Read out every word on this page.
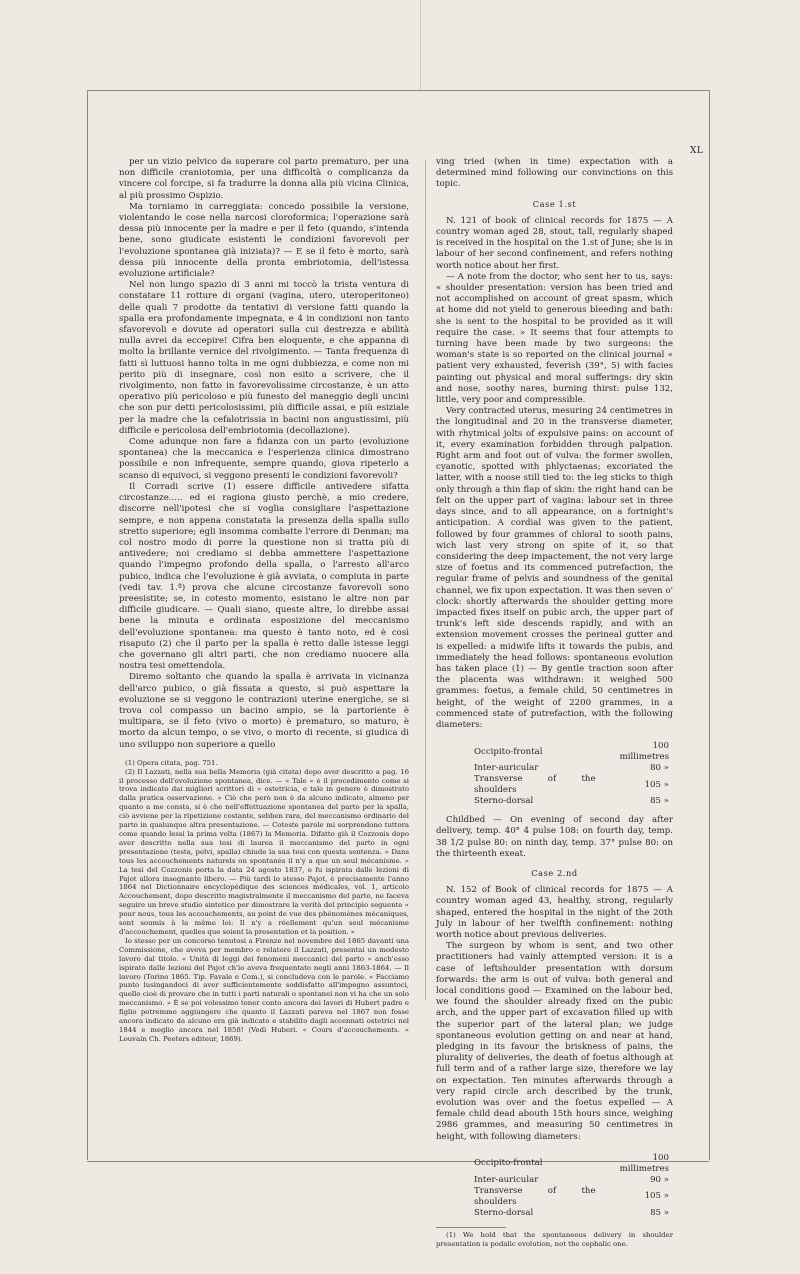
XL

per un vizio pelvico da superare col parto prematuro, per una non difficile craniotomia, per una difficoltà o complicanza da vincere col forcipe, si fa tradurre la donna alla più vicina Clinica, al più prossimo Ospizio.

Ma torniamo in carreggiata: concedo possibile la versione, violentando le cose nella narcosi cloroformica; l'operazione sarà dessa più innocente per la madre e per il feto (quando, s'intenda bene, sono giudicate esistenti le condizioni favorevoli per l'evoluzione spontanea già iniziata)? — E se il feto è morto, sarà dessa più innocente della pronta embriotomia, dell'istessa evoluzione artificiale?

Nel non lungo spazio di 3 anni mi toccò la trista ventura di constatare 11 rotture di organi (vagina, utero, uteroperitoneo) delle quali 7 prodotte da tentativi di versione fatti quando la spalla era profondamente impegnata, e 4 in condizioni non tanto sfavorevoli e dovute ad operatori sulla cui destrezza e abilità nulla avrei da eccepire! Cifra ben eloquente, e che appanna di molto la brillante vernice del rivolgimento. — Tanta frequenza di fatti sì luttuosi hanno tolta in me ogni dubbiezza, e come non mi perito più di insegnare, così non esito a scrivere, che il rivolgimento, non fatto in favorevolissime circostanze, è un atto operativo più pericoloso e più funesto del maneggio degli uncini che son pur detti pericolosissimi, più difficile assai, e più esiziale per la madre che la cefalotrissia in bacini non angustissimi, più difficile e pericolosa dell'embriotomia (decollazione).

Come adunque non fare a fidanza con un parto (evoluzione spontanea) che la meccanica e l'esperienza clinica dimostrano possibile e non infrequente, sempre quando, giova ripeterlo a scanso di equivoci, si veggono presenti le condizioni favorevoli?

Il Corradi scrive (1) essere difficile antivedere sifatta circostanze..... ed ei ragiona giusto perchè, a mio credere, discorre nell'ipotesi che si voglia consigliare l'aspettazione sempre, e non appena constatata la presenza della spalla sullo stretto superiore; egli insomma combatte l'errore di Denman; ma col nostro modo di porre la questione non si tratta più di antivedere; noi crediamo si debba ammettere l'aspettazione quando l'impegno profondo della spalla, o l'arresto all'arco pubico, indica che l'evoluzione è già avviata, o compiuta in parte (vedi tav. 1.ª) prova che alcune circostanze favorevoli sono preesistite; se, in cotesto momento, esistano le altre non par difficile giudicare. — Quali siano, queste altre, lo direbbe assai bene la minuta e ordinata esposizione del meccanismo dell'evoluzione spontanea: ma questo è tanto noto, ed è così risaputo (2) che il parto per la spalla è retto dalle istesse leggi che governano gli altri parti, che non crediamo nuocere alla nostra tesi omettendola.

Diremo soltanto che quando la spalla è arrivata in vicinanza dell'arco pubico, o già fissata a questo, si può aspettare la evoluzione se si veggono le contrazioni uterine energiche, se si trova col compasso un bacino ampio, se la partoriente è multipara, se il feto (vivo o morto) è prematuro, so maturo, è morto da alcun tempo, o se vivo, o morto di recente, si giudica di uno sviluppo non superiore a quello

(1) Opera citata, pag. 751.

(2) Il Lazzati, nella sua bella Memoria (già citata) dopo aver descritto a pag. 16 il processo dell'evoluzione spontanea, dice. — « Tale « è il procedimento come si trova indicato dai migliori scrittori di « ostetricia, e tale in genere è dimostrato dalla pratica osservazione. » Ciò che però non è da alcuno indicato, almeno per quanto a me consta, si è che nell'effettuazione spontanea del parto per la spalla, ciò avviene per la ripetizione costante, sebben rara, del meccanismo ordinario del parto in qualunque altra presentazione. — Coteste parole mi sorprendono tuttora come quando lessi la prima volta (1867) la Memoria. Difatto già il Cozzonis dopo aver descritto nella sua tesi di laurea il meccanismo del parto in ogni presentazione (testa, pelvi, spalla) chiude la sua tesi con questa sentenza. « Dans tous les accouchements naturels on spontanés il n'y a que un seul mécanisme. » La tesi del Cozzonis porta la data 24 agosto 1837, e fu ispirata dalle lezioni di Pajot allora insegnante libero. — Più tardi lo stesso Pajot, è precisamente l'anno 1864 nel Dictionnaire encyclopédique des sciences médicales, vol. 1, articolo Accouchement, dopo descritto magistralmente il meccanismo del parto, ne faceva seguire un breve studio sintetico per dimostrare la verità del principio seguente « pour nous, tous les accouchements, au point de vue des phénomènes mécaniques, sont soumis à la même loi: Il n'y a réellement qu'un seul mécanisme d'accouchement, quelles que soient la presentation et la position. »

Io stesso per un concorso tenutosi a Firenze nel novembre del 1865 davanti una Commissione, che aveva per membro e relatore il Lazzati, presentai un modesto lavoro dal titolo. « Unità di leggi dei fenomeni meccanici del parto » anch'esso ispirato dalle lezioni del Pajot ch'io aveva frequentato negli anni 1863-1864. — Il lavoro (Torino 1865. Tip. Favale e Com.), si concludeva con le parole. « Facciamo punto lusingandoci di aver sufficientemente soddisfatto all'impegno assuntoci, quello cioè di provare che in tutti i parti naturali o spontanei non vi ha che un solo meccanismo. » È se poi volessimo tener conto ancora dei lavori di Hubert padre e figlio potremmo aggiungere che quanto il Lazzati pareva nel 1867 non fosse ancora indicato da alcuno era già indicato e stabilito dagli accennati ostetrici nel 1844 e meglio ancora nel 1858! (Vedi Huberi. « Cours d'accouchements. » Louvain Ch. Peeters editeur, 1869).

ving tried (when in time) expectation with a determined mind following our convinctions on this topic.

Case 1.st

N. 121 of book of clinical records for 1875 — A country woman aged 28, stout, tall, regularly shaped is received in the hospital on the 1.st of June; she is in labour of her second confinement, and refers nothing worth notice about her first.

— A note from the doctor, who sent her to us, says: « shoulder presentation: version has been tried and not accomplished on account of great spasm, which at home did not yield to generous bleeding and bath: she is sent to the hospital to be provided as it will require the case. » It seems that four attempts to turning have been made by two surgeons: the woman's state is so reported on the clinical journal « patient very exhausted, feverish (39°, 5) with facies painting out physical and moral sufferings: dry skin and nose, soothy nares, burning thirst: pulse 132, little, very poor and compressible.

Very contracted uterus, mesuring 24 centimetres in the longitudinal and 20 in the transverse diameter, with rhytmical jolts of expulsive pains: on account of it, every examination forbidden through palpation. Right arm and foot out of vulva: the former swollen, cyanotic, spotted with phlyctaenas; excoriated the latter, with a noose still tied to: the leg sticks to thigh only through a thin flap of skin: the right hand can be felt on the upper part of vagina: labour set in three days since, and to all appearance, on a fortnight's anticipation. A cordial was given to the patient, followed by four grammes of chloral to sooth pains, wich last very strong on spite of it, so that considering the deep impactement, the not very large size of foetus and its commenced putrefaction, the regular frame of pelvis and soundness of the genital channel, we fix upon expectation. It was then seven o' clock: shortly afterwards the shoulder getting more impacted fixes itself on pubic arch, the upper part of trunk's left side descends rapidly, and with an extension movement crosses the perineal gutter and is expelled: a midwife lifts it towards the pubis, and immediately the head follows: spontaneous evolution has taken place (1) — By gentle traction soon after the placenta was withdrawn: it weighed 500 grammes: foetus, a female child, 50 centimetres in height, of the weight of 2200 grammes, in a commenced state of putrefaction, with the following diameters:

Occipito-frontal	100 millimetres
Inter-auricular	80 »
Transverse of the shoulders	105 »
Sterno-dorsal	85 »

Childbed — On evening of second day after delivery, temp. 40° 4 pulse 108: on fourth day, temp. 38 1/2 pulse 80: on ninth day, temp. 37° pulse 80: on the thirteenth exeat.

Case 2.nd

N. 152 of Book of clinical records for 1875 — A country woman aged 43, healthy, strong, regularly shaped, entered the hospital in the night of the 20th July in labour of her twelfth confinement: nothing worth notice about previous deliveries.

The surgeon by whom is sent, and two other practitioners had vainly attempted version: it is a case of leftshoulder presentation with dorsum forwards: the arm is out of vulva: both general and local conditions good — Examined on the labour bed, we found the shoulder already fixed on the pubic arch, and the upper part of excavation filled up with the superior part of the lateral plan; we judge spontaneous evolution getting on and near at hand, pledging in its favour the briskness of pains, the plurality of deliveries, the death of foetus although at full term and of a rather large size, therefore we lay on expectation. Ten minutes afterwards through a very rapid circle arch described by the trunk, evolution was over and the foetus expelled — A female child dead abouth 15th hours since, weighing 2986 grammes, and measuring 50 centimetres in height, with following diameters:

Occipito-frontal	100 millimetres
Inter-auricular	90 »
Transverse of the shoulders	105 »
Sterno-dorsal	85 »

(1) We hold that the spontaneous delivery in shoulder presentation is podalic evolution, not the cephalic one.
